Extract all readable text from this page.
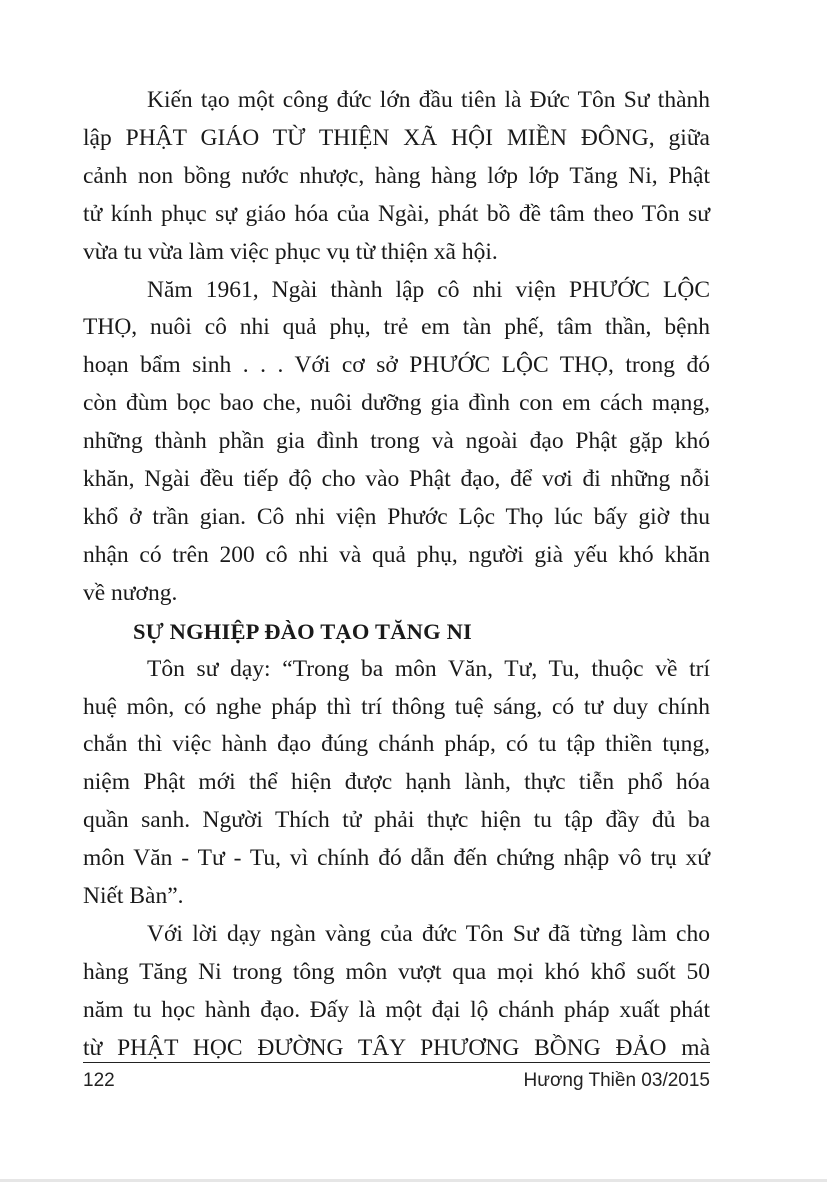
Kiến tạo một công đức lớn đầu tiên là Đức Tôn Sư thành
lập PHẬT GIÁO TỪ THIỆN XÃ HỘI MIỀN ĐÔNG, giữa
cảnh non bồng nước nhược, hàng hàng lớp lớp Tăng Ni, Phật
tử kính phục sự giáo hóa của Ngài, phát bồ đề tâm theo Tôn sư
vừa tu vừa làm việc phục vụ từ thiện xã hội.
Năm 1961, Ngài thành lập cô nhi viện PHƯỚC LỘC
THỌ, nuôi cô nhi quả phụ, trẻ em tàn phế, tâm thần, bệnh
hoạn bẩm sinh . . . Với cơ sở PHƯỚC LỘC THỌ, trong đó
còn đùm bọc bao che, nuôi dưỡng gia đình con em cách mạng,
những thành phần gia đình trong và ngoài đạo Phật gặp khó
khăn, Ngài đều tiếp độ cho vào Phật đạo, để vơi đi những nỗi
khổ ở trần gian. Cô nhi viện Phước Lộc Thọ lúc bấy giờ thu
nhận có trên 200 cô nhi và quả phụ, người già yếu khó khăn
về nương.
SỰ NGHIỆP ĐÀO TẠO TĂNG NI
Tôn sư dạy: “Trong ba môn Văn, Tư, Tu, thuộc về trí
huệ môn, có nghe pháp thì trí thông tuệ sáng, có tư duy chính
chắn thì việc hành đạo đúng chánh pháp, có tu tập thiền tụng,
niệm Phật mới thể hiện được hạnh lành, thực tiễn phổ hóa
quần sanh. Người Thích tử phải thực hiện tu tập đầy đủ ba
môn Văn - Tư - Tu, vì chính đó dẫn đến chứng nhập vô trụ xứ
Niết Bàn”.
Với lời dạy ngàn vàng của đức Tôn Sư đã từng làm cho
hàng Tăng Ni trong tông môn vượt qua mọi khó khổ suốt 50
năm tu học hành đạo. Đấy là một đại lộ chánh pháp xuất phát
từ PHẬT HỌC ĐƯỜNG TÂY PHƯƠNG BỒNG ĐẢO mà
122	Hương Thiền 03/2015
